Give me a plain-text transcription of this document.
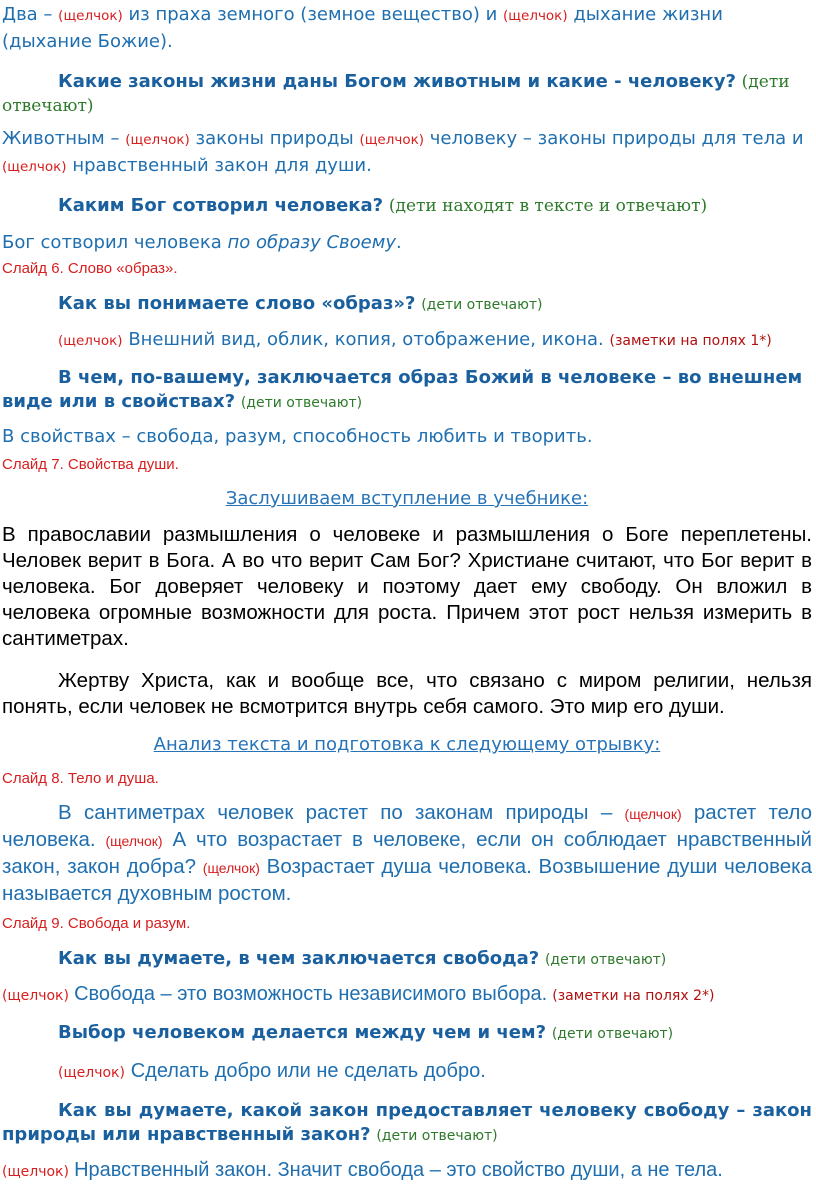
Два – (щелчок) из праха земного (земное вещество) и (щелчок) дыхание жизни (дыхание Божие).

Какие законы жизни даны Богом животным и какие - человеку? (дети отвечают)

Животным – (щелчок) законы природы (щелчок) человеку – законы природы для тела и (щелчок) нравственный закон для души.

Каким Бог сотворил человека? (дети находят в тексте и отвечают)

Бог сотворил человека по образу Своему.

Слайд 6. Слово «образ».

Как вы понимаете слово «образ»? (дети отвечают)

(щелчок) Внешний вид, облик, копия, отображение, икона. (заметки на полях 1*)

В чем, по-вашему, заключается образ Божий в человеке – во внешнем виде или в свойствах? (дети отвечают)

В свойствах – свобода, разум, способность любить и творить.

Слайд 7. Свойства души.

Заслушиваем вступление в учебнике:

В православии размышления о человеке и размышления о Боге переплетены. Человек верит в Бога. А во что верит Сам Бог? Христиане считают, что Бог верит в человека. Бог доверяет человеку и поэтому дает ему свободу. Он вложил в человека огромные возможности для роста. Причем этот рост нельзя измерить в сантиметрах.

Жертву Христа, как и вообще все, что связано с миром религии, нельзя понять, если человек не всмотрится внутрь себя самого. Это мир его души.

Анализ текста и подготовка к следующему отрывку:

Слайд 8. Тело и душа.

В сантиметрах человек растет по законам природы – (щелчок) растет тело человека. (щелчок) А что возрастает в человеке, если он соблюдает нравственный закон, закон добра? (щелчок) Возрастает душа человека. Возвышение души человека называется духовным ростом.

Слайд 9. Свобода и разум.

Как вы думаете, в чем заключается свобода? (дети отвечают)

(щелчок) Свобода – это возможность независимого выбора. (заметки на полях 2*)

Выбор человеком делается между чем и чем? (дети отвечают)

(щелчок) Сделать добро или не сделать добро.

Как вы думаете, какой закон предоставляет человеку свободу – закон природы или нравственный закон? (дети отвечают)

(щелчок) Нравственный закон. Значит свобода – это свойство души, а не тела.
